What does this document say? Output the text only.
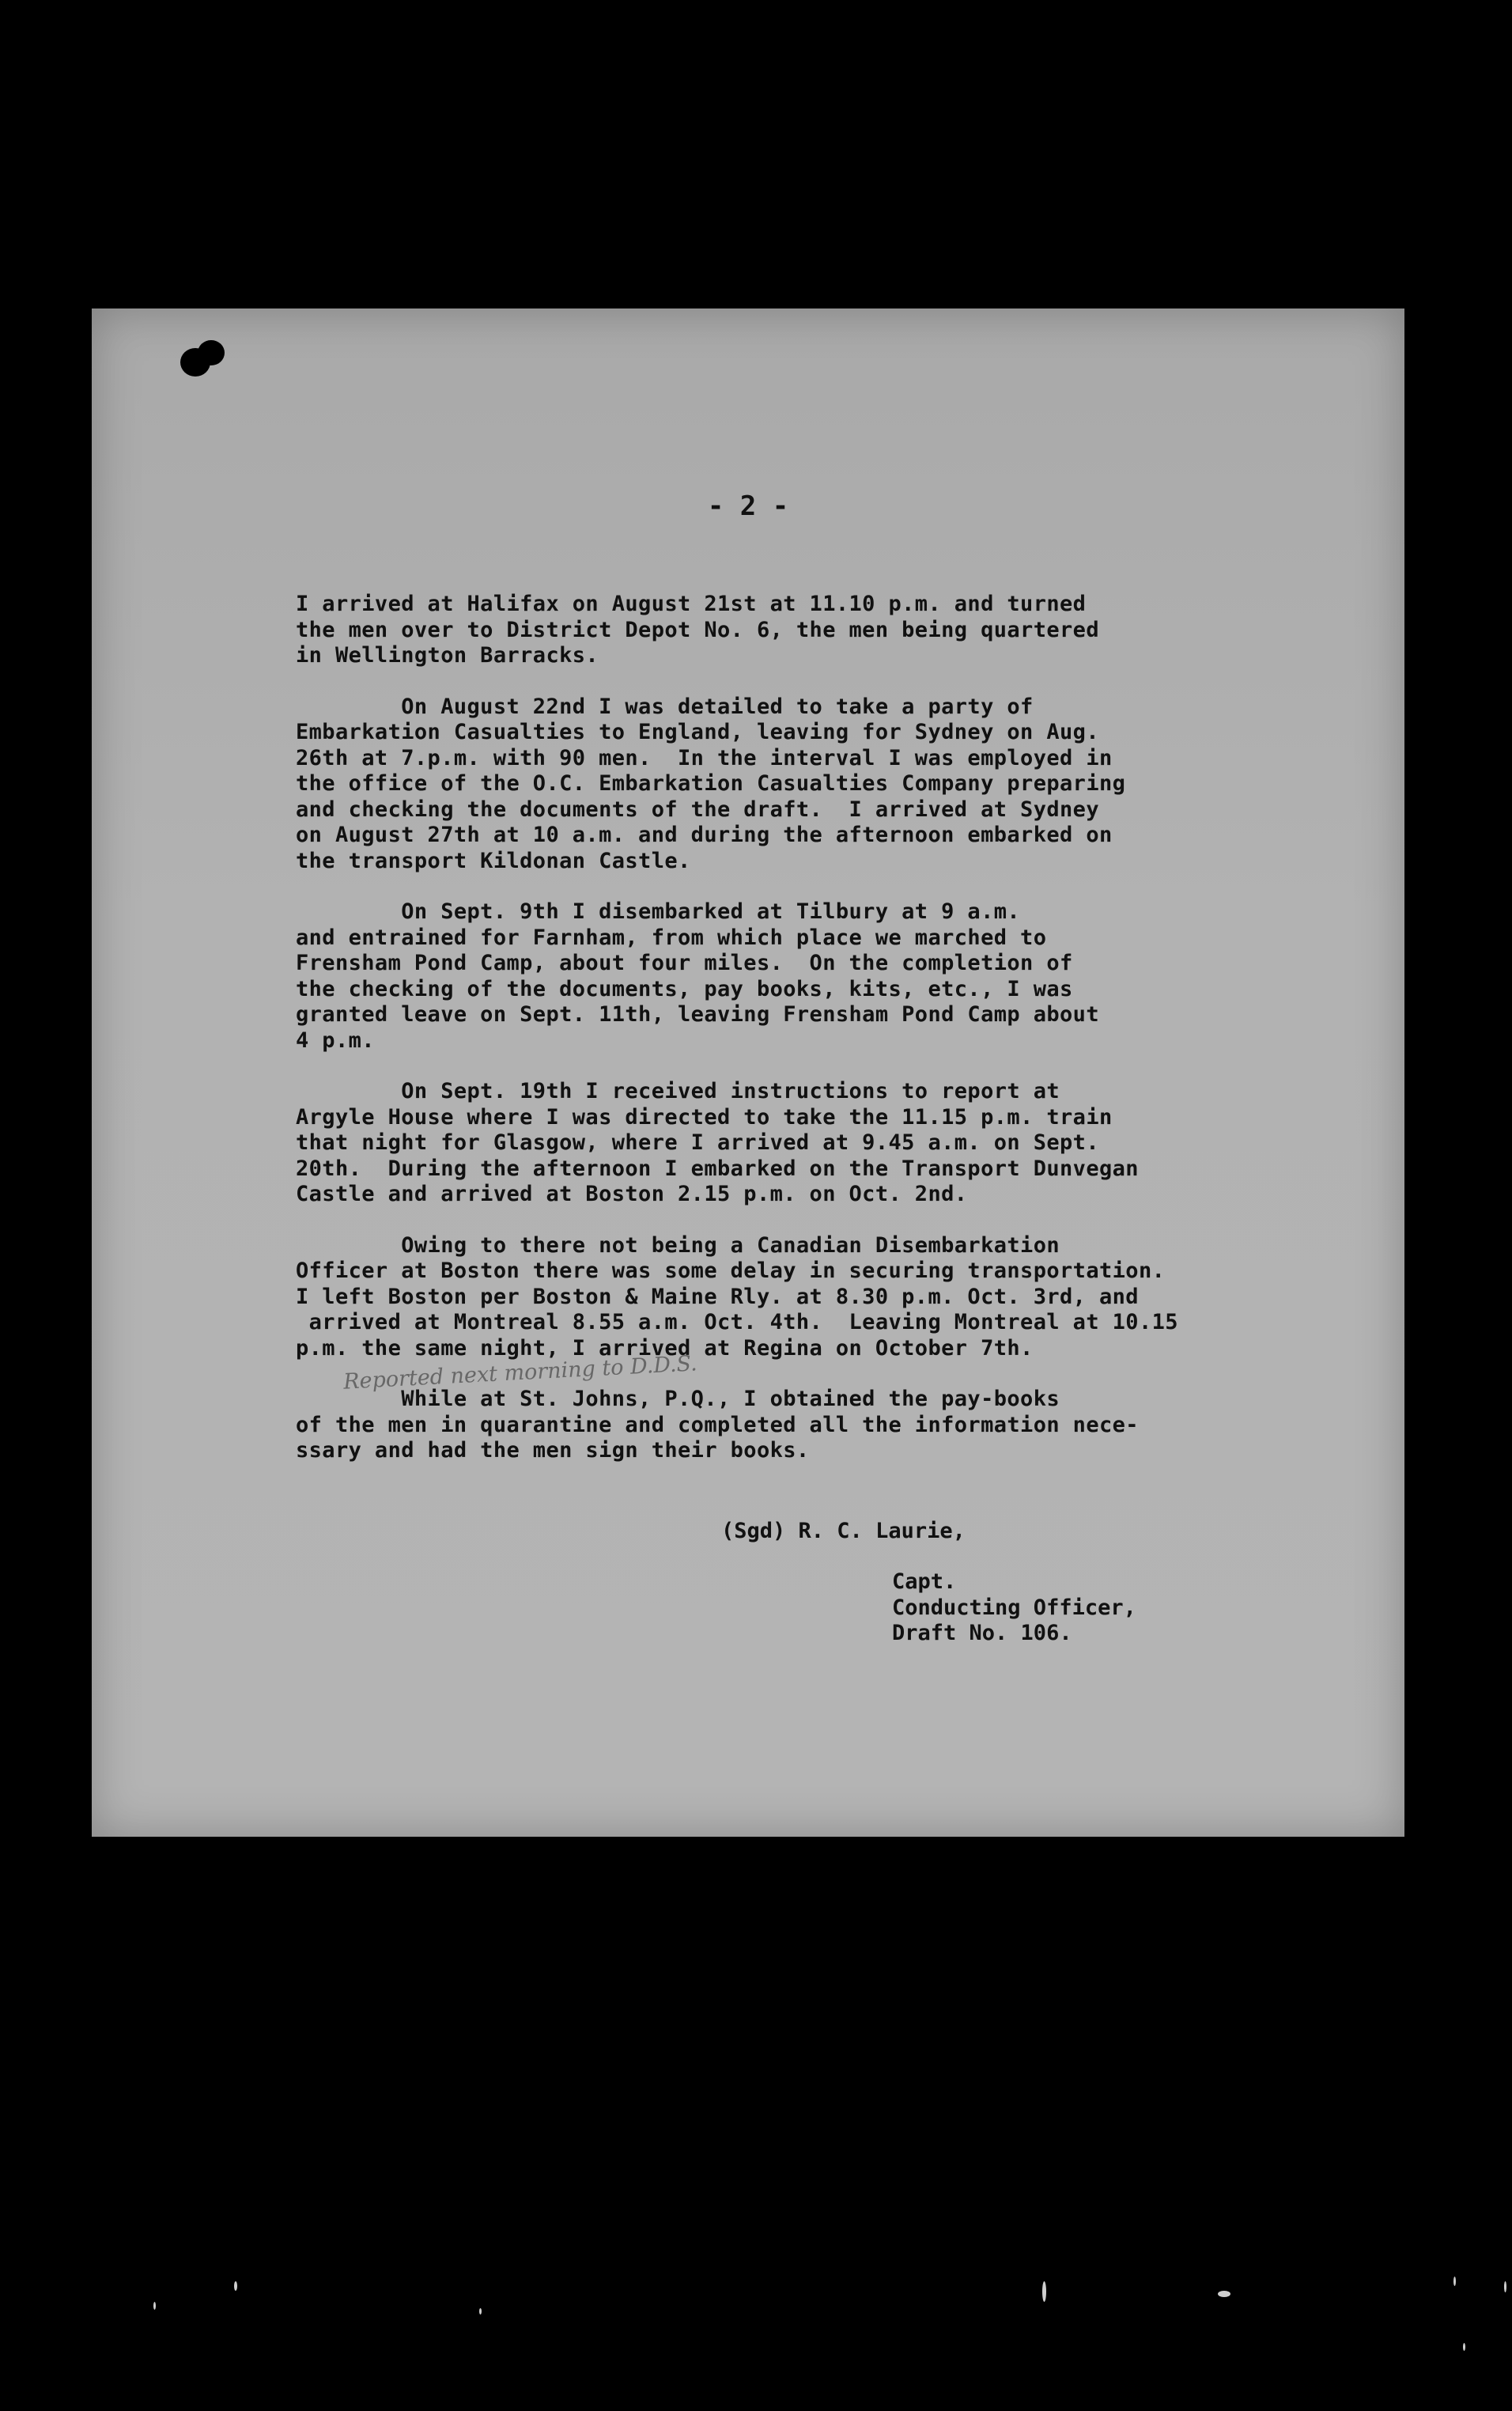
- 2 -
I arrived at Halifax on August 21st at 11.10 p.m. and turned
the men over to District Depot No. 6, the men being quartered
in Wellington Barracks.
On August 22nd I was detailed to take a party of
Embarkation Casualties to England, leaving for Sydney on Aug.
26th at 7.p.m. with 90 men.  In the interval I was employed in
the office of the O.C. Embarkation Casualties Company preparing
and checking the documents of the draft.  I arrived at Sydney
on August 27th at 10 a.m. and during the afternoon embarked on
the transport Kildonan Castle.
On Sept. 9th I disembarked at Tilbury at 9 a.m.
and entrained for Farnham, from which place we marched to
Frensham Pond Camp, about four miles.  On the completion of
the checking of the documents, pay books, kits, etc., I was
granted leave on Sept. 11th, leaving Frensham Pond Camp about
4 p.m.
On Sept. 19th I received instructions to report at
Argyle House where I was directed to take the 11.15 p.m. train
that night for Glasgow, where I arrived at 9.45 a.m. on Sept.
20th.  During the afternoon I embarked on the Transport Dunvegan
Castle and arrived at Boston 2.15 p.m. on Oct. 2nd.
Owing to there not being a Canadian Disembarkation
Officer at Boston there was some delay in securing transportation.
I left Boston per Boston & Maine Rly. at 8.30 p.m. Oct. 3rd, and
arrived at Montreal 8.55 a.m. Oct. 4th.  Leaving Montreal at 10.15
p.m. the same night, I arrived at Regina on October 7th.
While at St. Johns, P.Q., I obtained the pay-books
of the men in quarantine and completed all the information nece-
ssary and had the men sign their books.
Reported next morning to D.D.S.
(Sgd) R. C. Laurie,
Capt.
Conducting Officer,
Draft No. 106.
